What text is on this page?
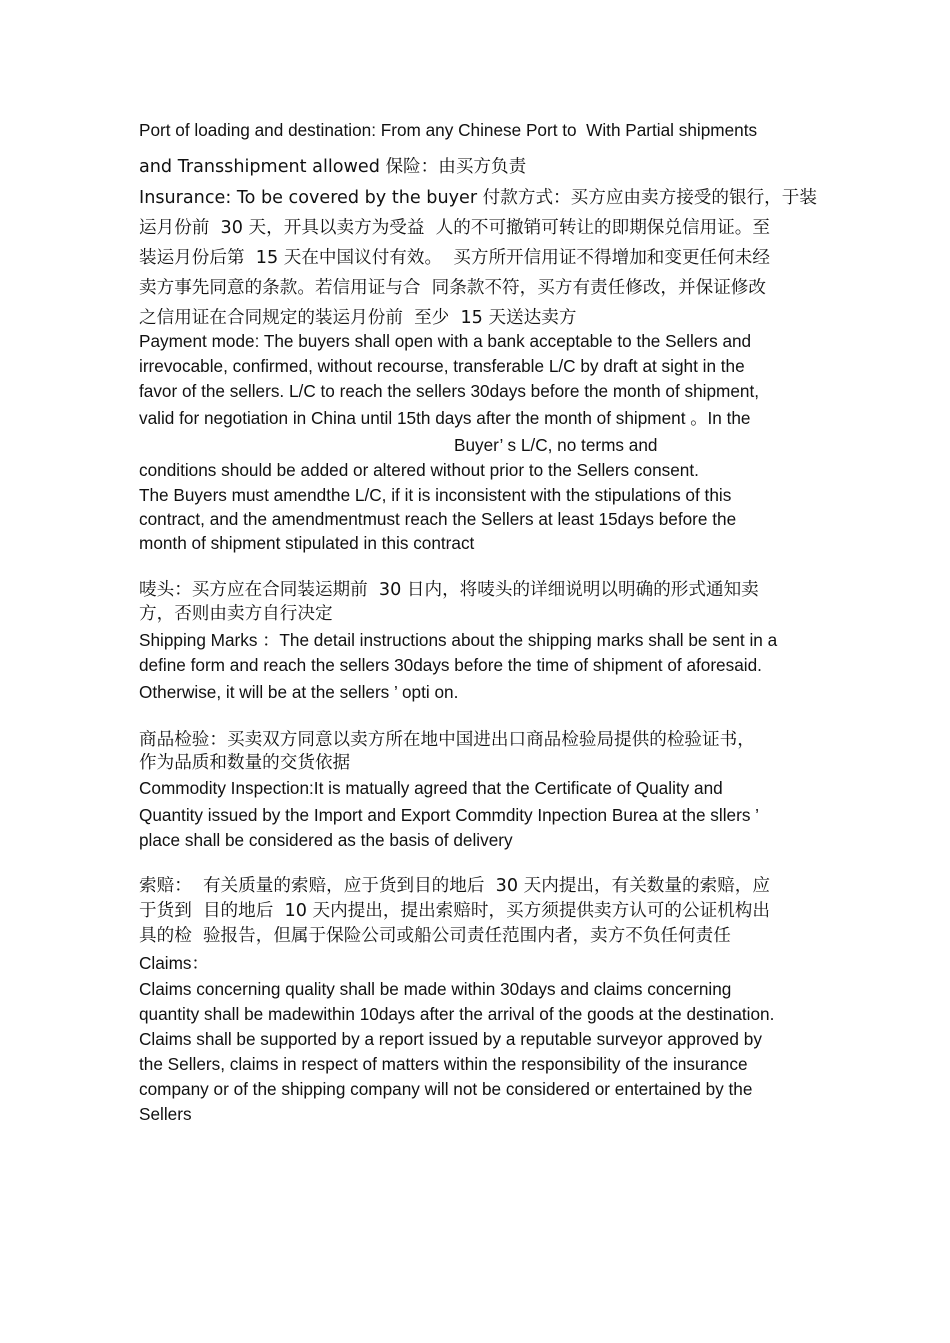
Port of loading and destination: From any Chinese Port to  With Partial shipments
and Transshipment allowed 保险：由买方负责
Insurance: To be covered by the buyer 付款方式：买方应由卖方接受的银行，于装
运月份前  30 天，开具以卖方为受益  人的不可撤销可转让的即期保兑信用证。至
装运月份后第  15 天在中国议付有效。  买方所开信用证不得增加和变更任何未经
卖方事先同意的条款。若信用证与合  同条款不符，买方有责任修改，并保证修改
之信用证在合同规定的装运月份前  至少  15 天送达卖方
Payment mode: The buyers shall open with a bank acceptable to the Sellers and
irrevocable, confirmed, without recourse, transferable L/C by draft at sight in the
favor of the sellers. L/C to reach the sellers 30days before the month of shipment,
valid for negotiation in China until 15th days after the month of shipment 。In the
Buyer’ s L/C, no terms and
conditions should be added or altered without prior to the Sellers consent.
The Buyers must amendthe L/C, if it is inconsistent with the stipulations of this
contract, and the amendmentmust reach the Sellers at least 15days before the
month of shipment stipulated in this contract
唛头：买方应在合同装运期前  30 日内，将唛头的详细说明以明确的形式通知卖
方，否则由卖方自行决定
Shipping Marks ：The detail instructions about the shipping marks shall be sent in a
define form and reach the sellers 30days before the time of shipment of aforesaid.
Otherwise, it will be at the sellers ’ opti on.
商品检验：买卖双方同意以卖方所在地中国进出口商品检验局提供的检验证书，
作为品质和数量的交货依据
Commodity Inspection:It is matually agreed that the Certificate of Quality and
Quantity issued by the Import and Export Commdity Inpection Burea at the sllers ’
place shall be considered as the basis of delivery
索赔：  有关质量的索赔，应于货到目的地后  30 天内提出，有关数量的索赔，应
于货到  目的地后  10 天内提出，提出索赔时，买方须提供卖方认可的公证机构出
具的检  验报告，但属于保险公司或船公司责任范围内者，卖方不负任何责任
Claims：
Claims concerning quality shall be made within 30days and claims concerning
quantity shall be madewithin 10days after the arrival of the goods at the destination.
Claims shall be supported by a report issued by a reputable surveyor approved by
the Sellers, claims in respect of matters within the responsibility of the insurance
company or of the shipping company will not be considered or entertained by the
Sellers
